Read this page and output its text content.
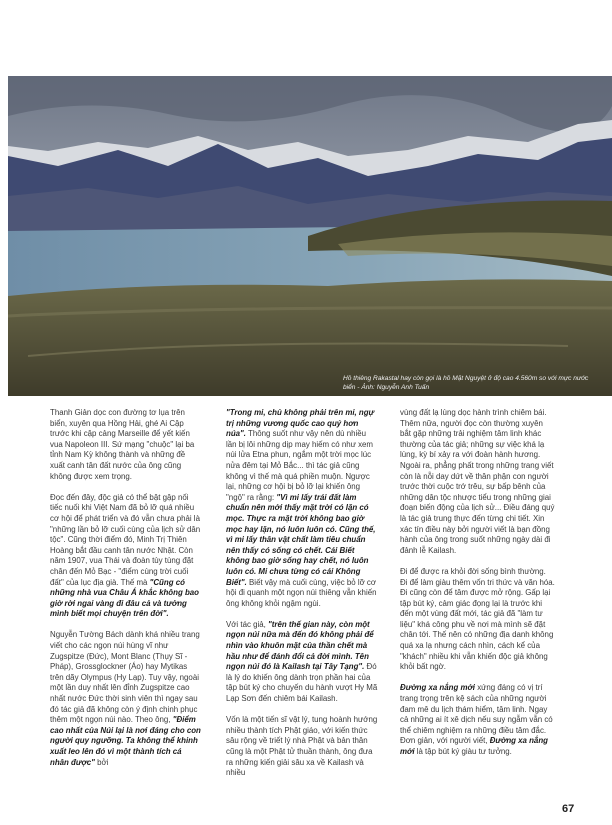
Hồ thiêng Rakastal hay còn gọi là hồ Mặt Nguyệt ở độ cao 4.560m so với mực nước biển - Ảnh: Nguyễn Anh Tuấn

Thanh Giản dọc con đường tơ lụa trên biển, xuyên qua Hồng Hải, ghé Ai Cập trước khi cập cảng Marseille để yết kiến vua Napoleon III. Sứ mạng "chuộc" lại ba tỉnh Nam Kỳ không thành và những đề xuất canh tân đất nước của ông cũng không được xem trọng.

Đọc đến đây, độc giả có thể bật gập nối tiếc nuối khi Việt Nam đã bỏ lỡ quá nhiều cơ hội để phát triển và đó vẫn chưa phải là "những lần bỏ lỡ cuối cùng của lịch sử dân tộc". Cũng thời điểm đó, Minh Trị Thiên Hoàng bắt đầu canh tân nước Nhật. Còn năm 1907, vua Thái và đoàn tùy tùng đặt chân đến Mỏ Bạc - "điểm cùng trời cuối đất" của lục địa già. Thế mà "Cũng có những nhà vua Châu Á khắc không bao giờ rời ngai vàng đi đâu cả và tưởng mình biết mọi chuyện trên đời".

Nguyễn Tường Bách dành khá nhiều trang viết cho các ngọn núi hùng vĩ như Zugspitze (Đức), Mont Blanc (Thụy Sĩ - Pháp), Grossglockner (Áo) hay Mytikas trên dãy Olympus (Hy Lạp). Tuy vậy, ngoài một lần duy nhất lên đỉnh Zugspitze cao nhất nước Đức thời sinh viên thì ngay sau đó tác giả đã không còn ý định chinh phục thêm một ngọn núi nào. Theo ông, "Điểm cao nhất của Núi lại là nơi đáng cho con người quy ngưỡng. Ta không thể khinh xuất leo lên đó vì một thành tích cá nhân được" bởi

"Trong mi, chủ không phải trên mi, ngự trị những vương quốc cao quý hơn núa". Thông suốt như vậy nên dù nhiều lần bị lôi những dịp may hiếm có như xem núi lửa Etna phun, ngắm một trời mọc lúc nửa đêm tại Mỏ Bắc... thì tác giả cũng không vì thế mà quá phiền muộn. Ngược lại, những cơ hội bị bỏ lỡ lại khiến ông "ngộ" ra rằng: "Vì mi lấy trái đất làm chuẩn nên mới thấy mặt trời có lặn có mọc. Thực ra mặt trời không bao giờ mọc hay lặn, nó luôn luôn có. Cũng thế, vì mi lấy thân vật chất làm tiêu chuẩn nên thấy có sống có chết. Cái Biết không bao giờ sống hay chết, nó luôn luôn có. Mi chưa từng có cái Không Biết". Biết vậy mà cuối cùng, việc bỏ lỡ cơ hội đi quanh một ngọn núi thiêng vẫn khiến ông không khỏi ngậm ngùi.

Với tác giả, "trên thế gian này, còn một ngọn núi nữa mà đến đó không phải để nhìn vào khuôn mặt của thần chết mà hầu như để đánh đổi cả đời mình. Tên ngọn núi đó là Kailash tại Tây Tạng". Đó là lý do khiến ông dành trọn phần hai của tập bút ký cho chuyến du hành vượt Hy Mã Lạp Sơn đến chiêm bái Kailash.

Vốn là một tiến sĩ vật lý, tung hoành hướng nhiều thành tích Phật giáo, với kiến thức sâu rộng về triết lý nhà Phật và bản thân cũng là một Phật tử thuần thành, ông đưa ra những kiến giải sâu xa về Kailash và nhiều

vùng đất lạ lùng dọc hành trình chiêm bái. Thêm nữa, người đọc còn thường xuyên bắt gặp những trải nghiệm tâm linh khác thường của tác giả; những sự việc khá lạ lùng, kỳ bí xảy ra với đoàn hành hương. Ngoài ra, phẳng phất trong những trang viết còn là nỗi day dứt về thân phận con người trước thời cuộc trớ trêu, sự bấp bênh của những dân tộc nhược tiểu trong những giai đoạn biến động của lịch sử... Điều đáng quý là tác giả trung thực đến từng chi tiết. Xin xác tín điều này bởi người viết là bạn đồng hành của ông trong suốt những ngày dài đi đảnh lễ Kailash.

Đi để được ra khỏi đời sống bình thường. Đi để làm giàu thêm vốn tri thức và văn hóa. Đi cũng còn để tâm được mở rộng. Gấp lại tập bút ký, cảm giác đọng lại là trước khi đến một vùng đất mới, tác giả đã "làm tư liệu" khá công phu về nơi mà mình sẽ đặt chân tới. Thế nên có những địa danh không quá xa lạ nhưng cách nhìn, cách kể của "khách" nhiều khi vẫn khiến độc giả không khỏi bất ngờ.

Đường xa nắng mới xứng đáng có vị trí trang trọng trên kệ sách của những người đam mê du lịch thám hiểm, tâm linh. Ngay cả những ai ít xê dịch nếu suy ngẫm vẫn có thể chiêm nghiệm ra những điều tâm đắc. Đơn giản, với người viết, Đường xa nắng mới là tập bút ký giàu tư tưởng.

67
